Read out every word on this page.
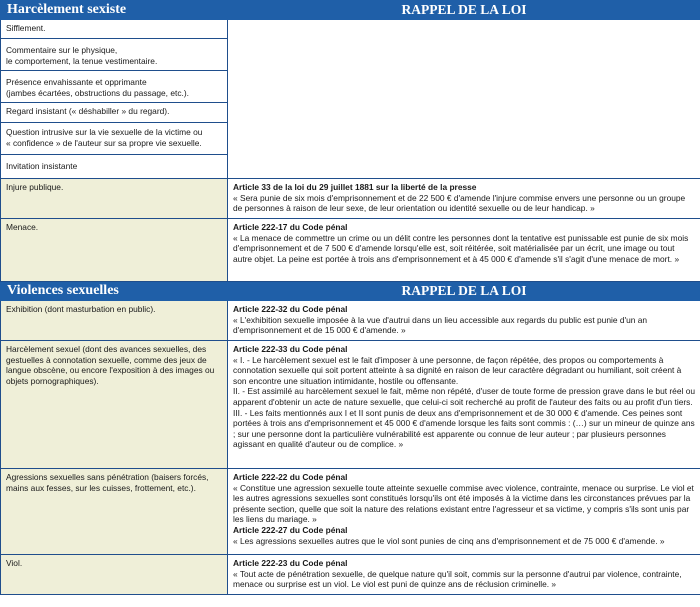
Harcèlement sexiste	RAPPEL DE LA LOI
Sifflement.	

Commentaire sur le physique,
le comportement, la tenue vestimentaire.	

Présence envahissante et opprimante
(jambes écartées, obstructions du passage, etc.).	

Regard insistant (« déshabiller » du regard).	

Question intrusive sur la vie sexuelle de la victime ou
« confidence » de l'auteur sur sa propre vie sexuelle.	

Invitation insistante	
Injure publique.	Article 33 de la loi du 29 juillet 1881 sur la liberté de la presse
« Sera punie de six mois d'emprisonnement et de 22 500 € d'amende l'injure commise envers une personne ou un groupe de personnes à raison de leur sexe, de leur orientation ou identité sexuelle ou de leur handicap. »

Menace.	Article 222-17 du Code pénal
« La menace de commettre un crime ou un délit contre les personnes dont la tentative est punissable est punie de six mois d'emprisonnement et de 7 500 € d'amende lorsqu'elle est, soit réitérée, soit matérialisée par un écrit, une image ou tout autre objet. La peine est portée à trois ans d'emprisonnement et à 45 000 € d'amende s'il s'agit d'une menace de mort. »

Violences sexuelles	RAPPEL DE LA LOI
Exhibition (dont masturbation en public).	Article 222-32 du Code pénal
« L'exhibition sexuelle imposée à la vue d'autrui dans un lieu accessible aux regards du public est punie d'un an d'emprisonnement et de 15 000 € d'amende. »

Harcèlement sexuel (dont des avances sexuelles, des gestuelles à connotation sexuelle, comme des jeux de langue obscène, ou encore l'exposition à des images ou objets pornographiques).	Article 222-33 du Code pénal
« I. - Le harcèlement sexuel est le fait d'imposer à une personne, de façon répétée, des propos ou comportements à connotation sexuelle qui soit portent atteinte à sa dignité en raison de leur caractère dégradant ou humiliant, soit créent à son encontre une situation intimidante, hostile ou offensante.
II. - Est assimilé au harcèlement sexuel le fait, même non répété, d'user de toute forme de pression grave dans le but réel ou apparent d'obtenir un acte de nature sexuelle, que celui-ci soit recherché au profit de l'auteur des faits ou au profit d'un tiers.
III. - Les faits mentionnés aux I et II sont punis de deux ans d'emprisonnement et de 30 000 € d'amende. Ces peines sont portées à trois ans d'emprisonnement et 45 000 € d'amende lorsque les faits sont commis : (…) sur un mineur de quinze ans ; sur une personne dont la particulière vulnérabilité est apparente ou connue de leur auteur ; par plusieurs personnes agissant en qualité d'auteur ou de complice. »

Agressions sexuelles sans pénétration (baisers forcés, mains aux fesses, sur les cuisses, frottement, etc.).	Article 222-22 du Code pénal
« Constitue une agression sexuelle toute atteinte sexuelle commise avec violence, contrainte, menace ou surprise. Le viol et les autres agressions sexuelles sont constitués lorsqu'ils ont été imposés à la victime dans les circonstances prévues par la présente section, quelle que soit la nature des relations existant entre l'agresseur et sa victime, y compris s'ils sont unis par les liens du mariage. »
Article 222-27 du Code pénal
« Les agressions sexuelles autres que le viol sont punies de cinq ans d'emprisonnement et de 75 000 € d'amende. »

Viol.	Article 222-23 du Code pénal
« Tout acte de pénétration sexuelle, de quelque nature qu'il soit, commis sur la personne d'autrui par violence, contrainte, menace ou surprise est un viol. Le viol est puni de quinze ans de réclusion criminelle. »
